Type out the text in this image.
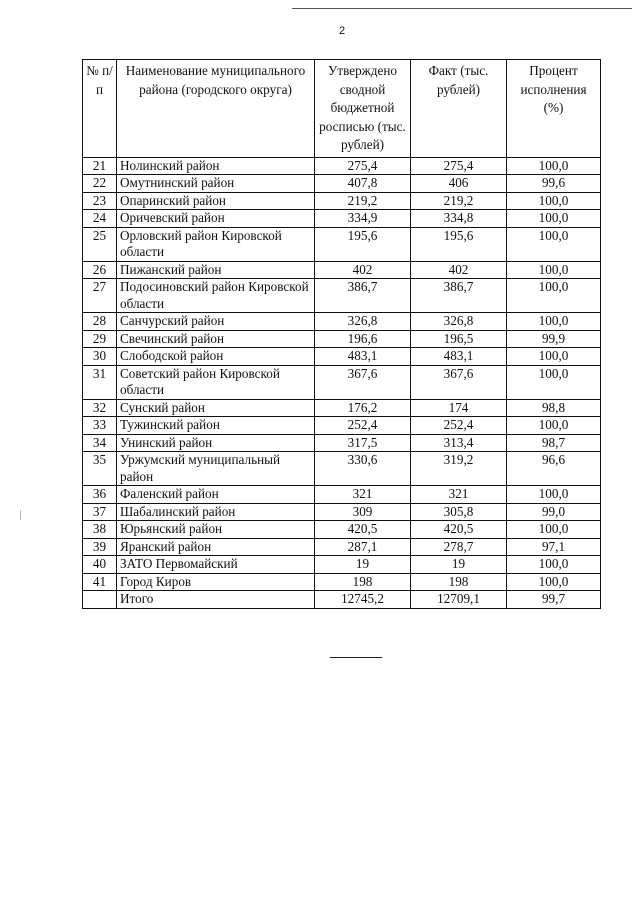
2
№ п/п	Наименование муниципального района (городского округа)	Утверждено сводной бюджетной росписью (тыс. рублей)	Факт (тыс. рублей)	Процент исполнения (%)
21	Нолинский район	275,4	275,4	100,0
22	Омутнинский район	407,8	406	99,6
23	Опаринский район	219,2	219,2	100,0
24	Оричевский район	334,9	334,8	100,0
25	Орловский район Кировской области	195,6	195,6	100,0
26	Пижанский район	402	402	100,0
27	Подосиновский район Кировской области	386,7	386,7	100,0
28	Санчурский район	326,8	326,8	100,0
29	Свечинский район	196,6	196,5	99,9
30	Слободской район	483,1	483,1	100,0
31	Советский район Кировской области	367,6	367,6	100,0
32	Сунский район	176,2	174	98,8
33	Тужинский район	252,4	252,4	100,0
34	Унинский район	317,5	313,4	98,7
35	Уржумский муниципальный район	330,6	319,2	96,6
36	Фаленский район	321	321	100,0
37	Шабалинский район	309	305,8	99,0
38	Юрьянский район	420,5	420,5	100,0
39	Яранский район	287,1	278,7	97,1
40	ЗАТО Первомайский	19	19	100,0
41	Город Киров	198	198	100,0
	Итого	12745,2	12709,1	99,7
